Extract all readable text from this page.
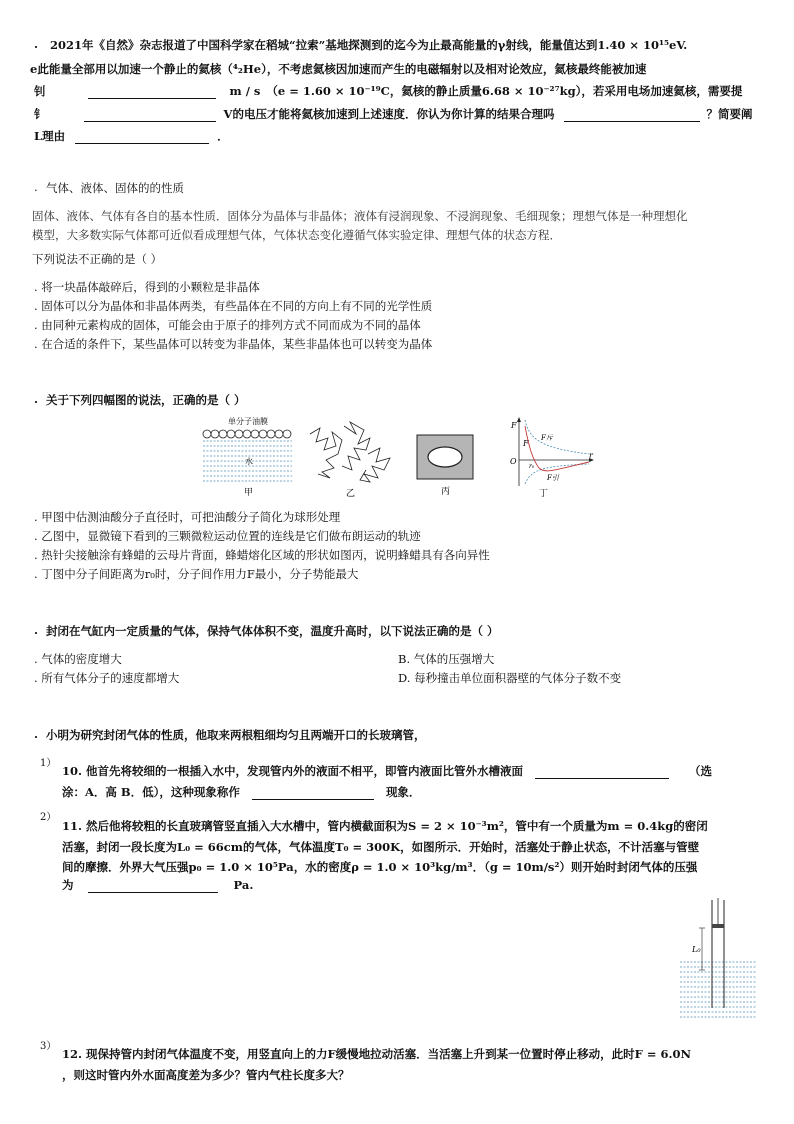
. 2021年《自然》杂志报道了中国科学家在稻城“拉索”基地探测到的迄今为止最高能量的γ射线，能量值达到1.40 × 10¹⁵eV.
e此能量全部用以加速一个静止的氦核（⁴₂He），不考虑氦核因加速而产生的电磁辐射以及相对论效应，氦核最终能被加速
钊	m / s （e = 1.60 × 10⁻¹⁹C，氦核的静止质量6.68 × 10⁻²⁷kg），若采用电场加速氦核，需要提
钅	V的电压才能将氦核加速到上述速度．你认为你计算的结果合理吗	？简要阐
L理由	．
. 气体、液体、固体的的性质
固体、液体、气体有各自的基本性质．固体分为晶体与非晶体；液体有浸润现象、不浸润现象、毛细现象；理想气体是一种理想化
模型，大多数实际气体都可近似看成理想气体，气体状态变化遵循气体实验定律、理想气体的状态方程．
下列说法不正确的是（ ）
. 将一块晶体敲碎后，得到的小颗粒是非晶体
. 固体可以分为晶体和非晶体两类，有些晶体在不同的方向上有不同的光学性质
. 由同种元素构成的固体，可能会由于原子的排列方式不同而成为不同的晶体
. 在合适的条件下，某些晶体可以转变为非晶体，某些非晶体也可以转变为晶体
. 关于下列四幅图的说法，正确的是（ ）
单分子油膜
水
甲	乙	丙
F
F
F斥
O
r₀
r
F引
丁
. 甲图中估测油酸分子直径时，可把油酸分子简化为球形处理
. 乙图中，显微镜下看到的三颗微粒运动位置的连线是它们做布朗运动的轨迹
. 热针尖接触涂有蜂蜡的云母片背面，蜂蜡熔化区域的形状如图丙，说明蜂蜡具有各向异性
. 丁图中分子间距离为r₀时，分子间作用力F最小，分子势能最大
. 封闭在气缸内一定质量的气体，保持气体体积不变，温度升高时，以下说法正确的是（ ）
. 气体的密度增大	B. 气体的压强增大
. 所有气体分子的速度都增大	D. 每秒撞击单位面积器壁的气体分子数不变
. 小明为研究封闭气体的性质，他取来两根粗细均匀且两端开口的长玻璃管，
1）
10. 他首先将较细的一根插入水中，发现管内外的液面不相平，即管内液面比管外水槽液面	（选
涂：A．高 B．低），这种现象称作	现象．
2）
11. 然后他将较粗的长直玻璃管竖直插入大水槽中，管内横截面积为S = 2 × 10⁻³m²，管中有一个质量为m = 0.4kg的密闭
活塞，封闭一段长度为L₀ = 66cm的气体，气体温度T₀ = 300K，如图所示．开始时，活塞处于静止状态，不计活塞与管壁
间的摩擦．外界大气压强p₀ = 1.0 × 10⁵Pa，水的密度ρ = 1.0 × 10³kg/m³．（g = 10m/s²）则开始时封闭气体的压强
为	Pa.
L₀
3）
12. 现保持管内封闭气体温度不变，用竖直向上的力F缓慢地拉动活塞．当活塞上升到某一位置时停止移动，此时F = 6.0N
，则这时管内外水面高度差为多少？管内气柱长度多大？
